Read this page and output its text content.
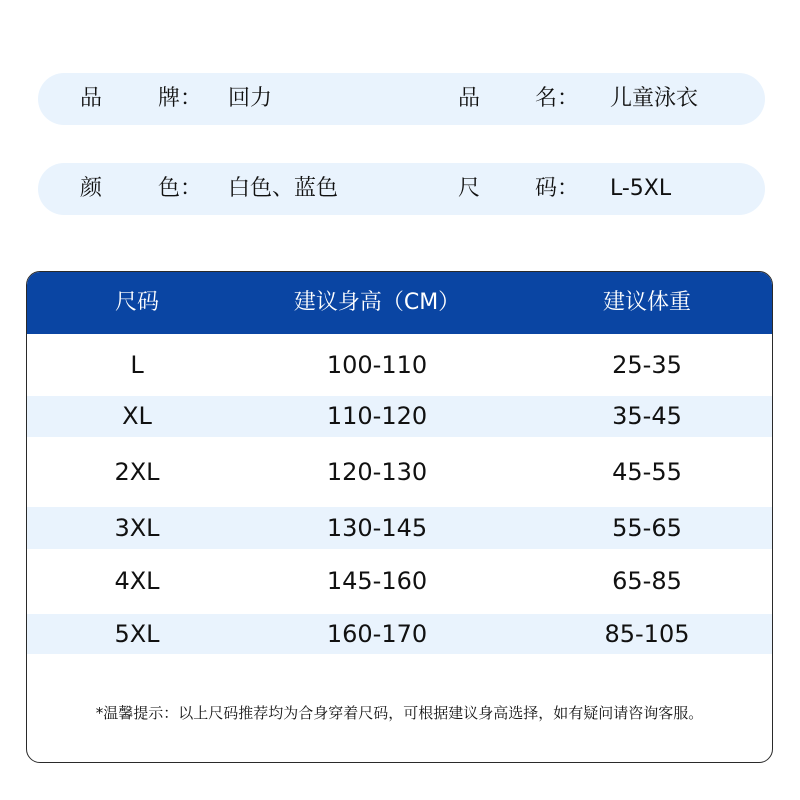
品	牌： 回力	品 名： 儿童泳衣
颜	色： 白色、蓝色	尺 码： L-5XL
尺码	建议身高（CM）	建议体重
L	100-110	25-35
XL	110-120	35-45
2XL	120-130	45-55
3XL	130-145	55-65
4XL	145-160	65-85
5XL	160-170	85-105
*温馨提示：以上尺码推荐均为合身穿着尺码，可根据建议身高选择，如有疑问请咨询客服。
